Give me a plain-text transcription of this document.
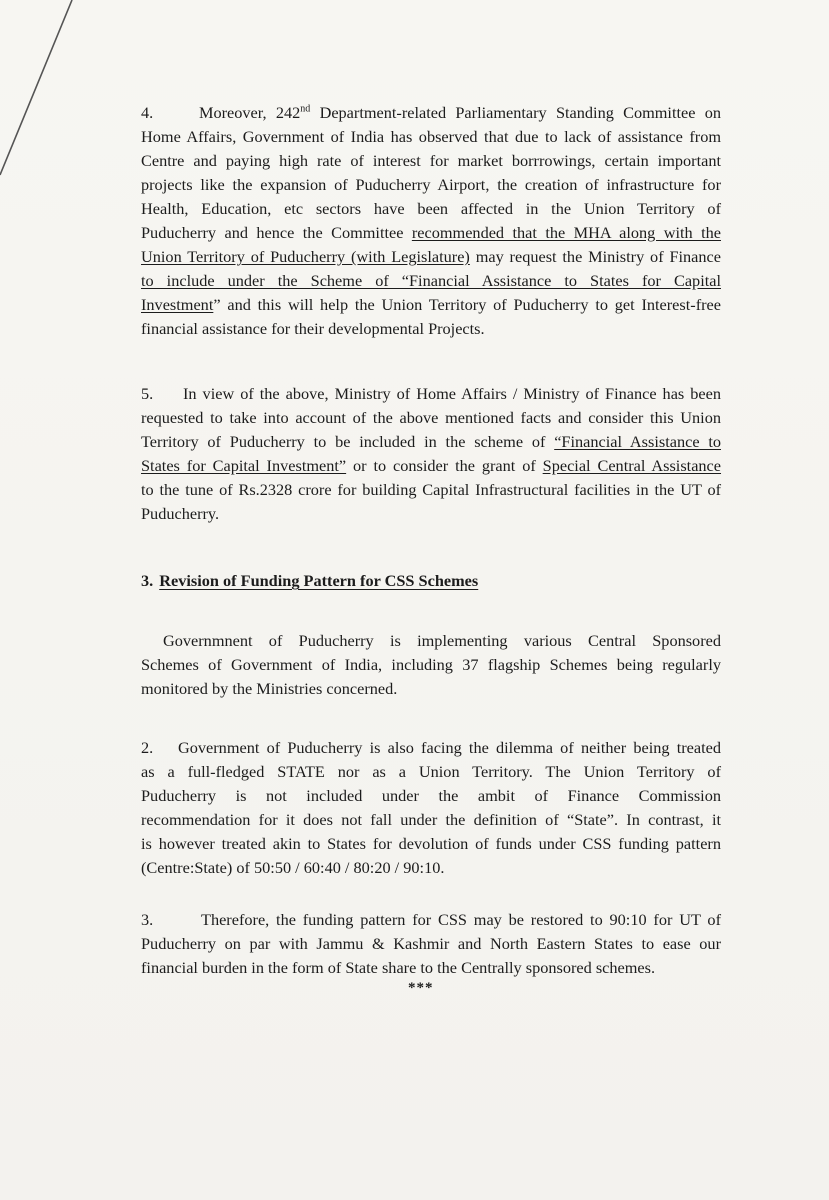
4.	Moreover, 242nd Department-related Parliamentary Standing Committee on
Home Affairs, Government of India has observed that due to lack of assistance from
Centre and paying high rate of interest for market borrrowings, certain important
projects like the expansion of Puducherry Airport, the creation of infrastructure for
Health, Education, etc sectors have been affected in the Union Territory of
Puducherry and hence the Committee recommended that the MHA along with the
Union Territory of Puducherry (with Legislature) may request the Ministry of Finance
to include under the Scheme of “Financial Assistance to States for Capital
Investment” and this will help the Union Territory of Puducherry to get Interest-free
financial assistance for their developmental Projects.
5. In view of the above, Ministry of Home Affairs / Ministry of Finance has been
requested to take into account of the above mentioned facts and consider this Union
Territory of Puducherry to be included in the scheme of “Financial Assistance to
States for Capital Investment” or to consider the grant of Special Central Assistance
to the tune of Rs.2328 crore for building Capital Infrastructural facilities in the UT of
Puducherry.
3. Revision of Funding Pattern for CSS Schemes
Governmnent of Puducherry is implementing various Central Sponsored
Schemes of Government of India, including 37 flagship Schemes being regularly
monitored by the Ministries concerned.
2. Government of Puducherry is also facing the dilemma of neither being treated
as a full-fledged STATE nor as a Union Territory. The Union Territory of
Puducherry is not included under the ambit of Finance Commission
recommendation for it does not fall under the definition of “State”. In contrast, it
is however treated akin to States for devolution of funds under CSS funding pattern
(Centre:State) of 50:50 / 60:40 / 80:20 / 90:10.
3.	Therefore, the funding pattern for CSS may be restored to 90:10 for UT of
Puducherry on par with Jammu & Kashmir and North Eastern States to ease our
financial burden in the form of State share to the Centrally sponsored schemes.
***
